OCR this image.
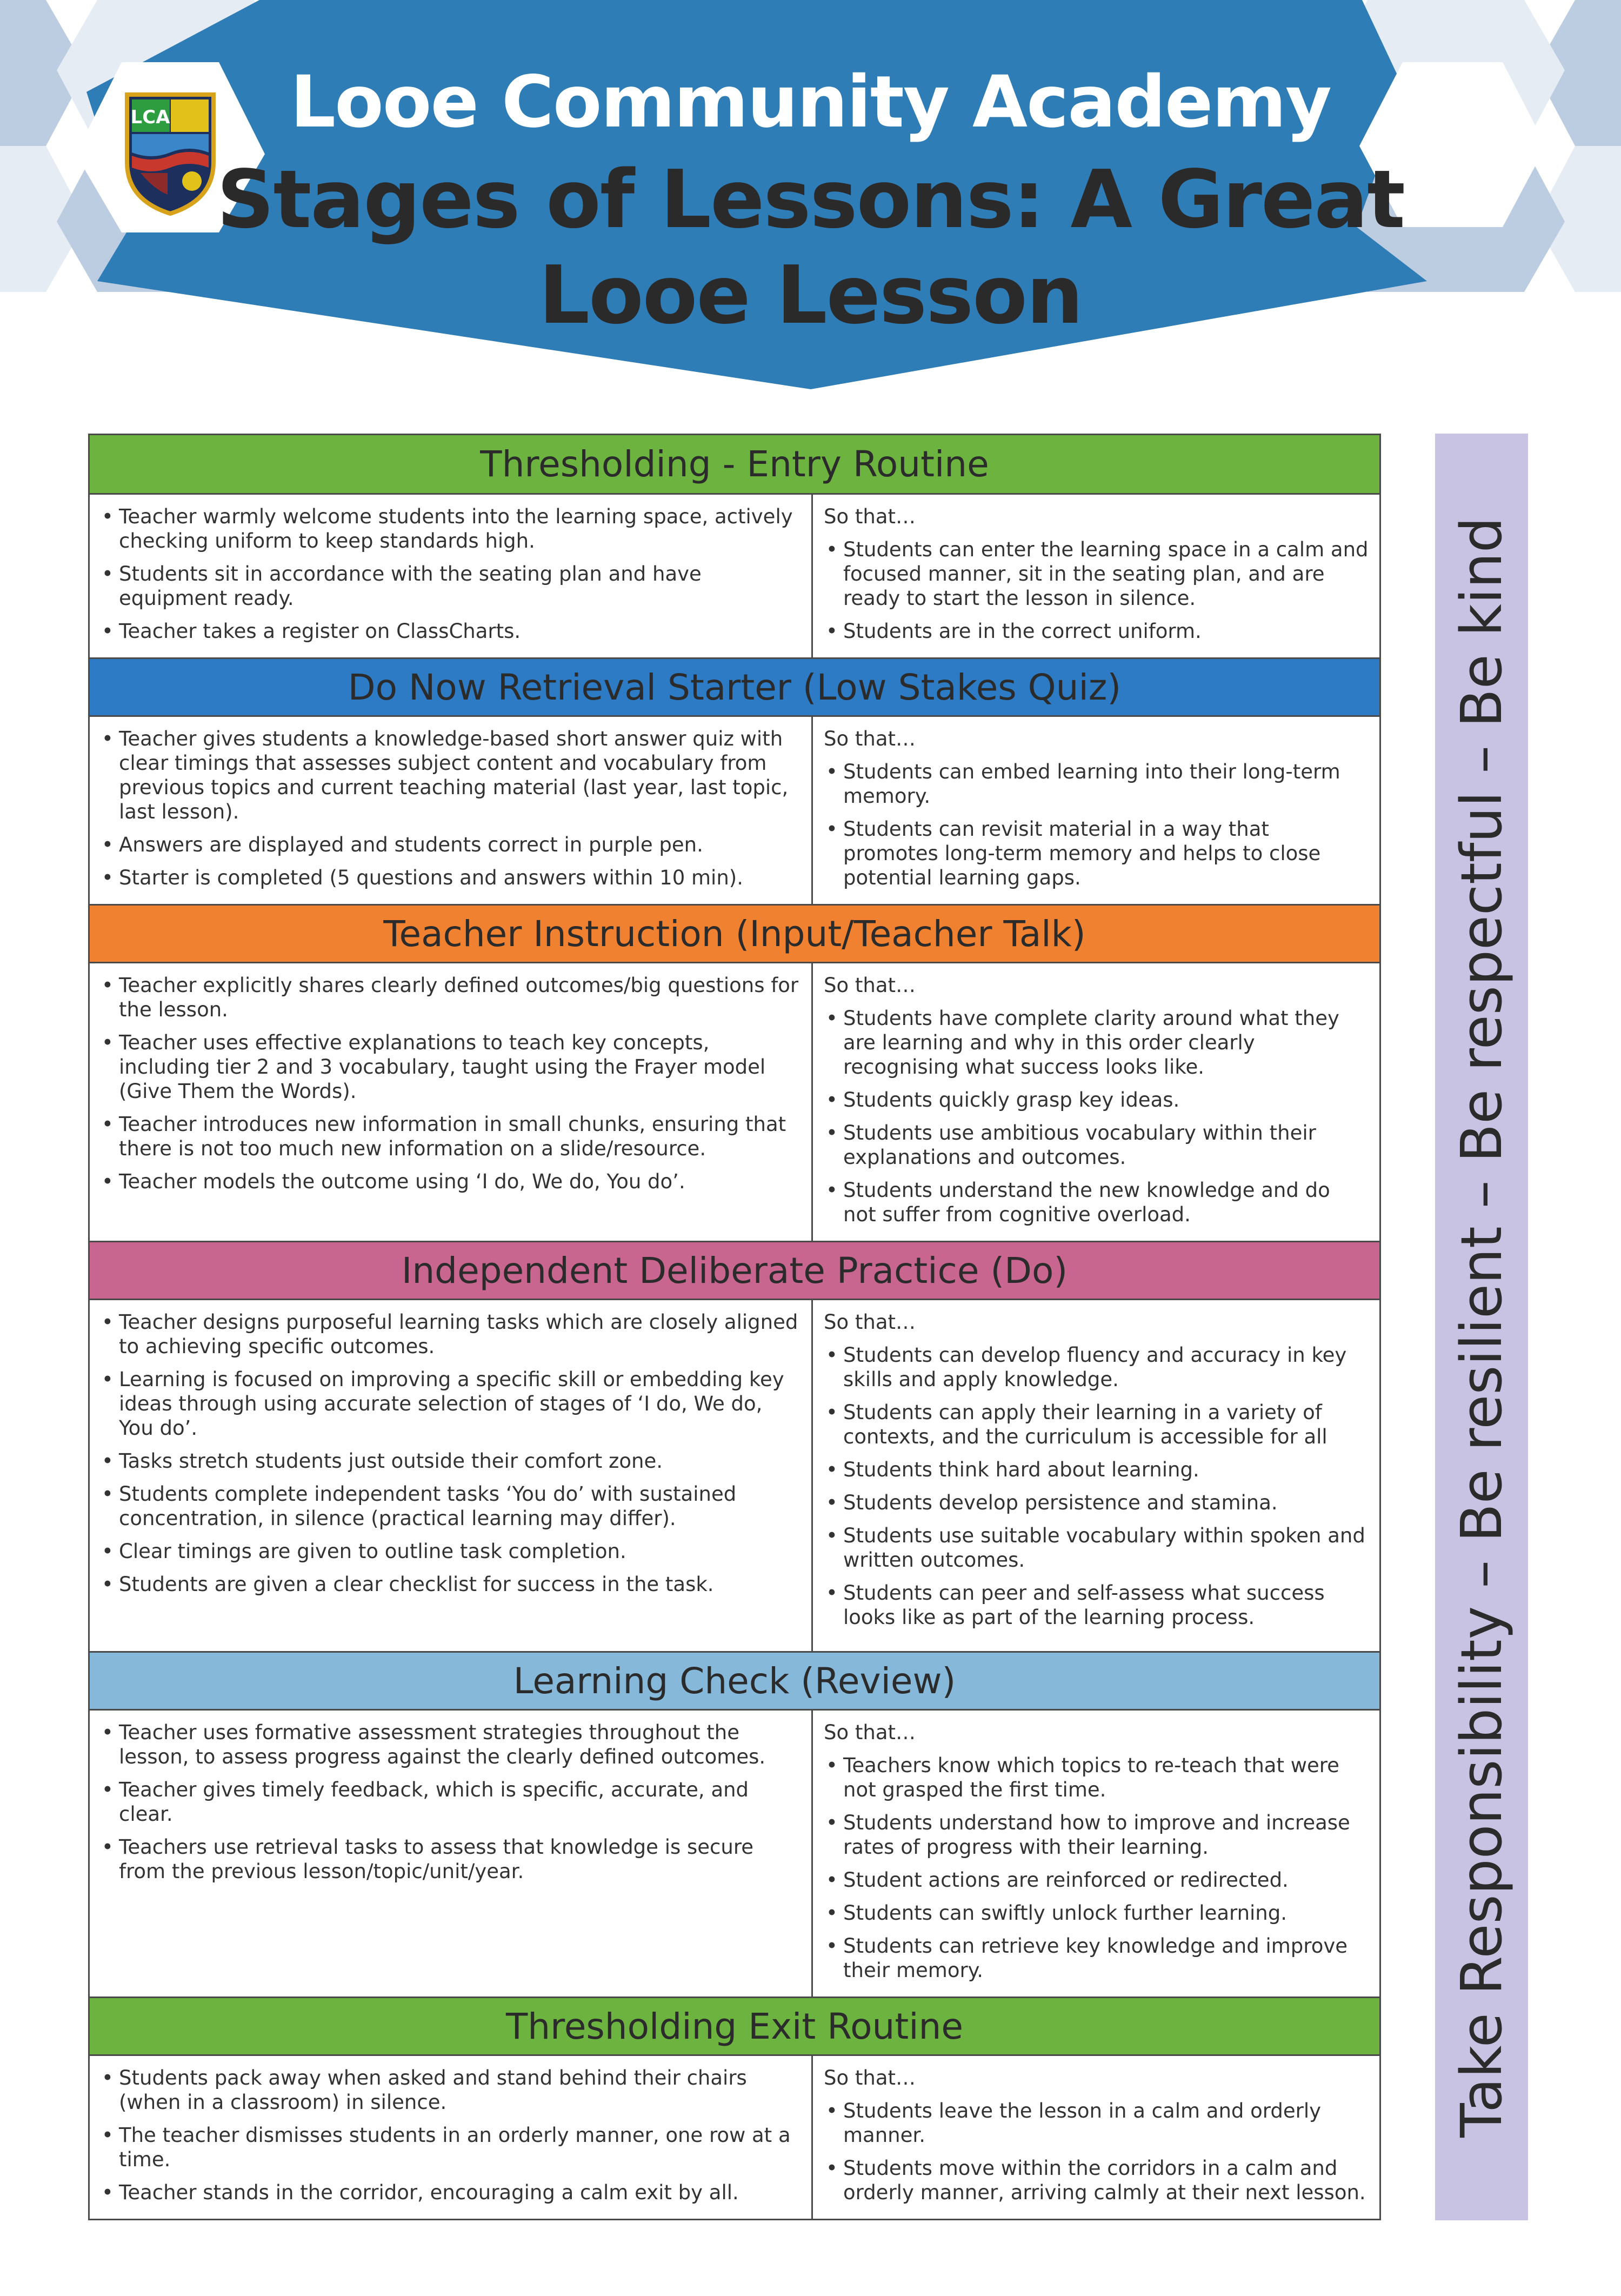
LCA	Looe Community Academy
Stages of Lessons: A Great
Looe Lesson
Thresholding - Entry Routine
• Teacher warmly welcome students into the learning space, actively checking uniform to keep standards high.
• Students sit in accordance with the seating plan and have equipment ready.
• Teacher takes a register on ClassCharts.
So that…
• Students can enter the learning space in a calm and focused manner, sit in the seating plan, and are ready to start the lesson in silence.
• Students are in the correct uniform.
Do Now Retrieval Starter (Low Stakes Quiz)
• Teacher gives students a knowledge-based short answer quiz with clear timings that assesses subject content and vocabulary from previous topics and current teaching material (last year, last topic, last lesson).
• Answers are displayed and students correct in purple pen.
• Starter is completed (5 questions and answers within 10 min).
So that…
• Students can embed learning into their long-term memory.
• Students can revisit material in a way that promotes long-term memory and helps to close potential learning gaps.
Teacher Instruction (Input/Teacher Talk)
• Teacher explicitly shares clearly defined outcomes/big questions for the lesson.
• Teacher uses effective explanations to teach key concepts, including tier 2 and 3 vocabulary, taught using the Frayer model (Give Them the Words).
• Teacher introduces new information in small chunks, ensuring that there is not too much new information on a slide/resource.
• Teacher models the outcome using ‘I do, We do, You do’.
So that…
• Students have complete clarity around what they are learning and why in this order clearly recognising what success looks like.
• Students quickly grasp key ideas.
• Students use ambitious vocabulary within their explanations and outcomes.
• Students understand the new knowledge and do not suffer from cognitive overload.
Independent Deliberate Practice (Do)
• Teacher designs purposeful learning tasks which are closely aligned to achieving specific outcomes.
• Learning is focused on improving a specific skill or embedding key ideas through using accurate selection of stages of ‘I do, We do, You do’.
• Tasks stretch students just outside their comfort zone.
• Students complete independent tasks ‘You do’ with sustained concentration, in silence (practical learning may differ).
• Clear timings are given to outline task completion.
• Students are given a clear checklist for success in the task.
So that…
• Students can develop fluency and accuracy in key skills and apply knowledge.
• Students can apply their learning in a variety of contexts, and the curriculum is accessible for all
• Students think hard about learning.
• Students develop persistence and stamina.
• Students use suitable vocabulary within spoken and written outcomes.
• Students can peer and self-assess what success looks like as part of the learning process.
Learning Check (Review)
• Teacher uses formative assessment strategies throughout the lesson, to assess progress against the clearly defined outcomes.
• Teacher gives timely feedback, which is specific, accurate, and clear.
• Teachers use retrieval tasks to assess that knowledge is secure from the previous lesson/topic/unit/year.
So that…
• Teachers know which topics to re-teach that were not grasped the first time.
• Students understand how to improve and increase rates of progress with their learning.
• Student actions are reinforced or redirected.
• Students can swiftly unlock further learning.
• Students can retrieve key knowledge and improve their memory.
Thresholding Exit Routine
• Students pack away when asked and stand behind their chairs (when in a classroom) in silence.
• The teacher dismisses students in an orderly manner, one row at a time.
• Teacher stands in the corridor, encouraging a calm exit by all.
So that…
• Students leave the lesson in a calm and orderly manner.
• Students move within the corridors in a calm and orderly manner, arriving calmly at their next lesson.
Take Responsibility – Be resilient – Be respectful – Be kind
